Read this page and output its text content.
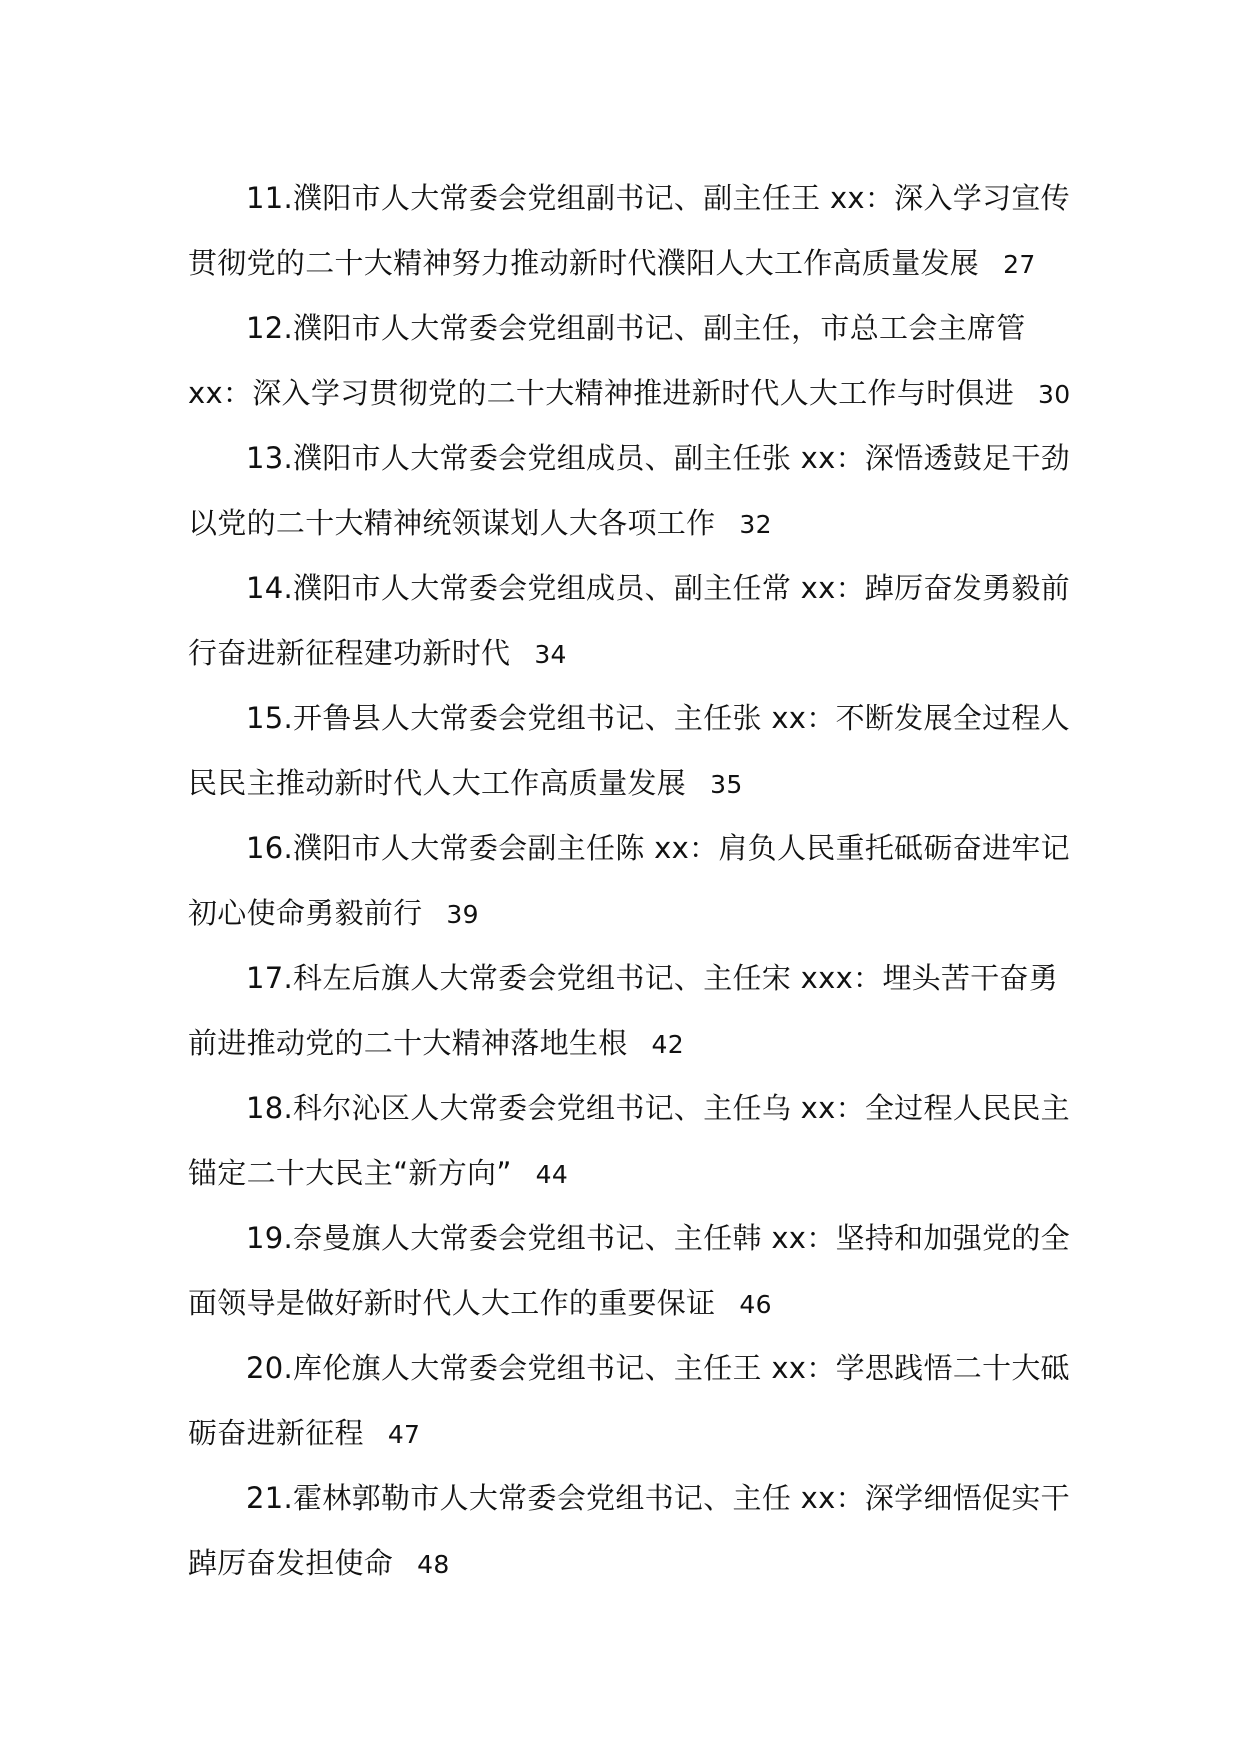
11.濮阳市人大常委会党组副书记、副主任王 xx：深入学习宣传
贯彻党的二十大精神努力推动新时代濮阳人大工作高质量发展 27
12.濮阳市人大常委会党组副书记、副主任，市总工会主席管
xx：深入学习贯彻党的二十大精神推进新时代人大工作与时俱进 30
13.濮阳市人大常委会党组成员、副主任张 xx：深悟透鼓足干劲
以党的二十大精神统领谋划人大各项工作 32
14.濮阳市人大常委会党组成员、副主任常 xx：踔厉奋发勇毅前
行奋进新征程建功新时代 34
15.开鲁县人大常委会党组书记、主任张 xx：不断发展全过程人
民民主推动新时代人大工作高质量发展 35
16.濮阳市人大常委会副主任陈 xx：肩负人民重托砥砺奋进牢记
初心使命勇毅前行 39
17.科左后旗人大常委会党组书记、主任宋 xxx：埋头苦干奋勇
前进推动党的二十大精神落地生根 42
18.科尔沁区人大常委会党组书记、主任乌 xx：全过程人民民主
锚定二十大民主“新方向” 44
19.奈曼旗人大常委会党组书记、主任韩 xx：坚持和加强党的全
面领导是做好新时代人大工作的重要保证 46
20.库伦旗人大常委会党组书记、主任王 xx：学思践悟二十大砥
砺奋进新征程 47
21.霍林郭勒市人大常委会党组书记、主任 xx：深学细悟促实干
踔厉奋发担使命 48
